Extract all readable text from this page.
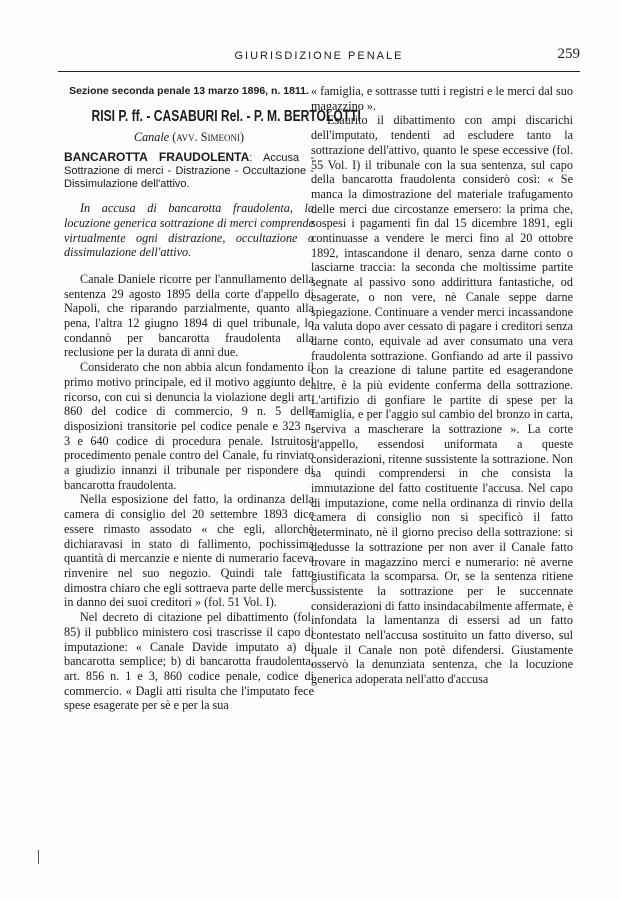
GIURISDIZIONE PENALE	259
Sezione seconda penale 13 marzo 1896, n. 1811.
RISI P. ff. - CASABURI Rel. - P. M. BERTOLOTTI
Canale (avv. Simeoni)
BANCAROTTA FRAUDOLENTA: Accusa - Sottrazione di merci - Distrazione - Occultazione - Dissimulazione dell'attivo.

In accusa di bancarotta fraudolenta, la locuzione generica sottrazione di merci comprende virtualmente ogni distrazione, occultazione o dissimulazione dell'attivo.

Canale Daniele ricorre per l'annullamento della sentenza 29 agosto 1895 della corte d'appello di Napoli, che riparando parzialmente, quanto alla pena, l'altra 12 giugno 1894 di quel tribunale, lo condannò per bancarotta fraudolenta alla reclusione per la durata di anni due.

Considerato che non abbia alcun fondamento il primo motivo principale, ed il motivo aggiunto del ricorso, con cui si denuncia la violazione degli art. 860 del codice di commercio, 9 n. 5 delle disposizioni transitorie pel codice penale e 323 n. 3 e 640 codice di procedura penale. Istruitosi procedimento penale contro del Canale, fu rinviato a giudizio innanzi il tribunale per rispondere di bancarotta fraudolenta.

Nella esposizione del fatto, la ordinanza della camera di consiglio del 20 settembre 1893 dice essere rimasto assodato « che egli, allorchè dichiaravasi in stato di fallimento, pochissima quantità di mercanzie e niente di numerario faceva rinvenire nel suo negozio. Quindi tale fatto dimostra chiaro che egli sottraeva parte delle merci in danno dei suoi creditori » (fol. 51 Vol. I).

Nel decreto di citazione pel dibattimento (fol. 85) il pubblico ministero così trascrisse il capo di imputazione: « Canale Davide imputato a) di bancarotta semplice; b) di bancarotta fraudolenta, art. 856 n. 1 e 3, 860 codice penale, codice di commercio. « Dagli atti risulta che l'imputato fece spese esagerate per sè e per la sua

« famiglia, e sottrasse tutti i registri e le merci dal suo magazzino ».

Esaurito il dibattimento con ampi discarichi dell'imputato, tendenti ad escludere tanto la sottrazione dell'attivo, quanto le spese eccessive (fol. 55 Vol. I) il tribunale con la sua sentenza, sul capo della bancarotta fraudolenta considerò così: « Se manca la dimostrazione del materiale trafugamento delle merci due circostanze emersero: la prima che, sospesi i pagamenti fin dal 15 dicembre 1891, egli continuasse a vendere le merci fino al 20 ottobre 1892, intascandone il denaro, senza darne conto o lasciarne traccia: la seconda che moltissime partite segnate al passivo sono addirittura fantastiche, od esagerate, o non vere, nè Canale seppe darne spiegazione. Continuare a vender merci incassandone la valuta dopo aver cessato di pagare i creditori senza darne conto, equivale ad aver consumato una vera fraudolenta sottrazione. Gonfiando ad arte il passivo con la creazione di talune partite ed esagerandone altre, è la più evidente conferma della sottrazione. L'artifizio di gonfiare le partite di spese per la famiglia, e per l'aggio sul cambio del bronzo in carta, serviva a mascherare la sottrazione ». La corte d'appello, essendosi uniformata a queste considerazioni, ritenne sussistente la sottrazione. Non sa quindi comprendersi in che consista la immutazione del fatto costituente l'accusa. Nel capo di imputazione, come nella ordinanza di rinvio della camera di consiglio non si specificò il fatto determinato, nè il giorno preciso della sottrazione: si dedusse la sottrazione per non aver il Canale fatto trovare in magazzino merci e numerario: nè averne giustificata la scomparsa. Or, se la sentenza ritiene sussistente la sottrazione per le succennate considerazioni di fatto insindacabilmente affermate, è infondata la lamentanza di essersi ad un fatto contestato nell'accusa sostituito un fatto diverso, sul quale il Canale non potè difendersi. Giustamente osservò la denunziata sentenza, che la locuzione generica adoperata nell'atto d'accusa
